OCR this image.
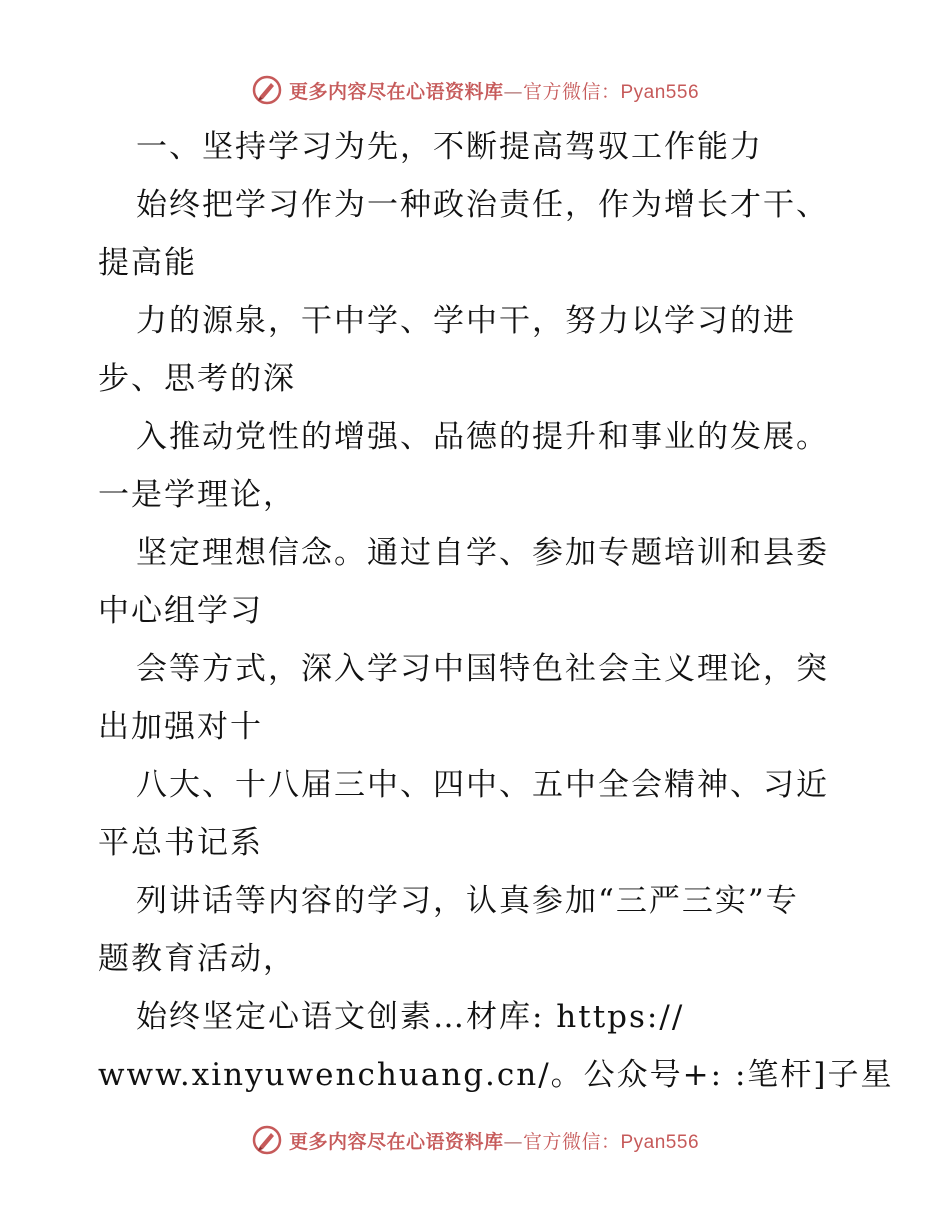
更多内容尽在心语资料库—官方微信：Pyan556
一、坚持学习为先，不断提高驾驭工作能力
始终把学习作为一种政治责任，作为增长才干、
提高能
力的源泉，干中学、学中干，努力以学习的进
步、思考的深
入推动党性的增强、品德的提升和事业的发展。
一是学理论，
坚定理想信念。通过自学、参加专题培训和县委
中心组学习
会等方式，深入学习中国特色社会主义理论，突
出加强对十
八大、十八届三中、四中、五中全会精神、习近
平总书记系
列讲话等内容的学习，认真参加“三严三实”专
题教育活动，
始终坚定心语文创素…材库: https://
www.xinyuwenchuang.cn/。公众号+: :笔杆]子星
更多内容尽在心语资料库—官方微信：Pyan556
